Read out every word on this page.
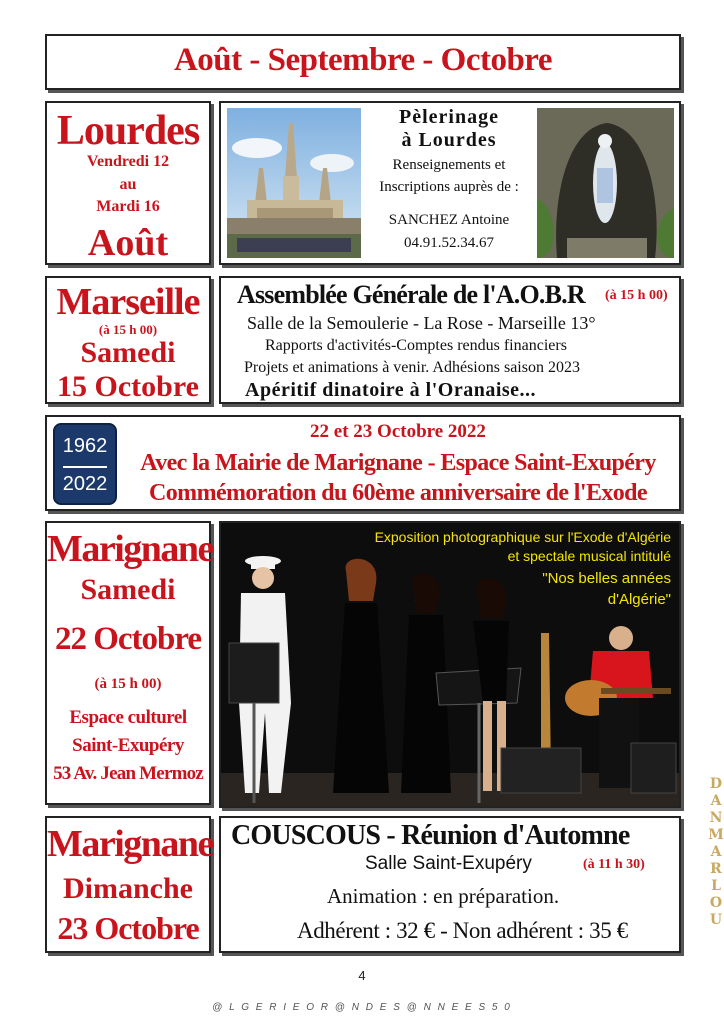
Août - Septembre - Octobre
Lourdes
Vendredi 12
au
Mardi 16
Août
Pèlerinage
à Lourdes
Renseignements et
Inscriptions auprès de :
SANCHEZ Antoine
04.91.52.34.67
Marseille
(à 15 h 00)
Samedi
15 Octobre
Assemblée Générale de l'A.O.B.R (à 15 h 00)
Salle de la Semoulerie - La Rose - Marseille 13°
Rapports d'activités-Comptes rendus financiers
Projets et animations à venir. Adhésions saison 2023
Apéritif dinatoire à l'Oranaise...
1962
2022
22 et 23 Octobre 2022
Avec la Mairie de Marignane - Espace Saint-Exupéry
Commémoration du 60ème anniversaire de l'Exode
Marignane
Samedi
22 Octobre
(à 15 h 00)
Espace culturel
Saint-Exupéry
53 Av. Jean Mermoz
Exposition photographique sur l'Exode d'Algérie
et spectale musical intitulé
"Nos belles années
d'Algérie"
Marignane
Dimanche
23 Octobre
COUSCOUS - Réunion d'Automne
Salle Saint-Exupéry	(à 11 h 30)
Animation : en préparation.
Adhérent : 32 € - Non adhérent : 35 €
4
@ L G E R I E O R @ N D E S @ N N E E S 5 0
DANMARLOU
